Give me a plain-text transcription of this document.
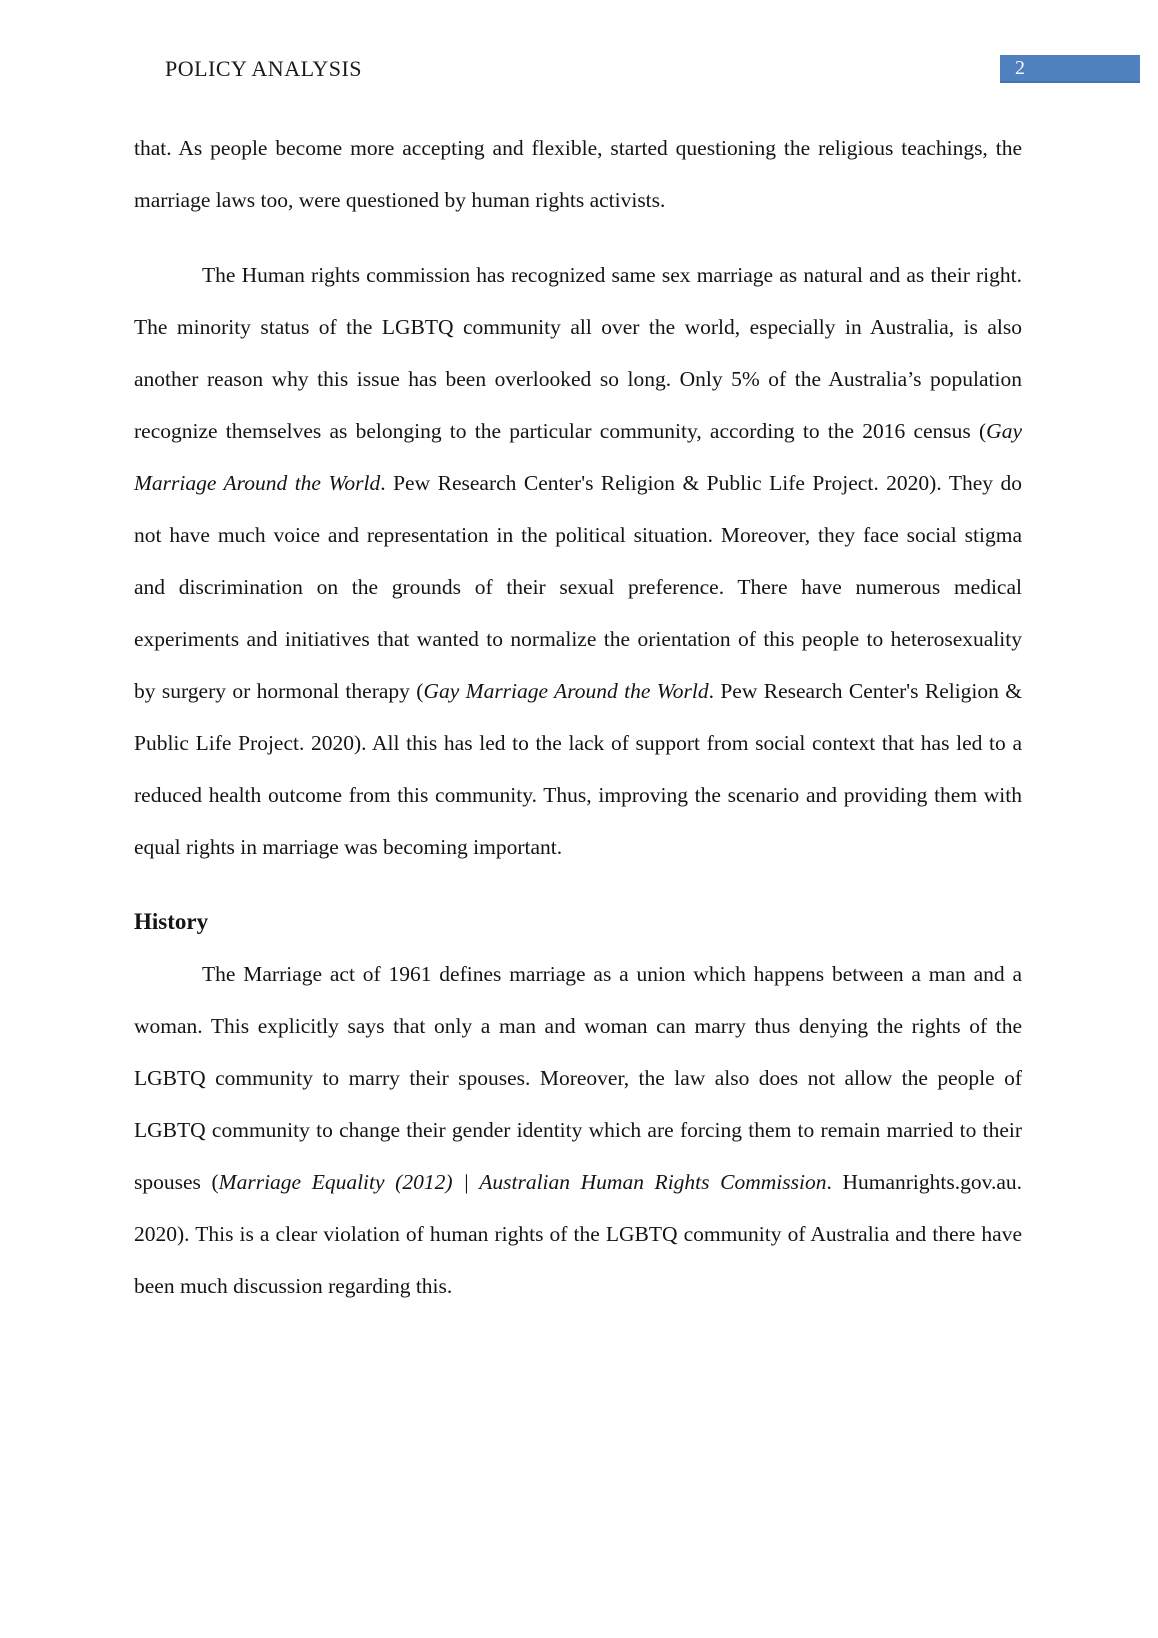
POLICY ANALYSIS	2

that. As people become more accepting and flexible, started questioning the religious teachings, the marriage laws too, were questioned by human rights activists.

The Human rights commission has recognized same sex marriage as natural and as their right. The minority status of the LGBTQ community all over the world, especially in Australia, is also another reason why this issue has been overlooked so long. Only 5% of the Australia’s population recognize themselves as belonging to the particular community, according to the 2016 census (Gay Marriage Around the World. Pew Research Center's Religion & Public Life Project. 2020). They do not have much voice and representation in the political situation. Moreover, they face social stigma and discrimination on the grounds of their sexual preference. There have numerous medical experiments and initiatives that wanted to normalize the orientation of this people to heterosexuality by surgery or hormonal therapy (Gay Marriage Around the World. Pew Research Center's Religion & Public Life Project. 2020). All this has led to the lack of support from social context that has led to a reduced health outcome from this community. Thus, improving the scenario and providing them with equal rights in marriage was becoming important.

History

The Marriage act of 1961 defines marriage as a union which happens between a man and a woman. This explicitly says that only a man and woman can marry thus denying the rights of the LGBTQ community to marry their spouses. Moreover, the law also does not allow the people of LGBTQ community to change their gender identity which are forcing them to remain married to their spouses (Marriage Equality (2012) | Australian Human Rights Commission. Humanrights.gov.au. 2020). This is a clear violation of human rights of the LGBTQ community of Australia and there have been much discussion regarding this.
